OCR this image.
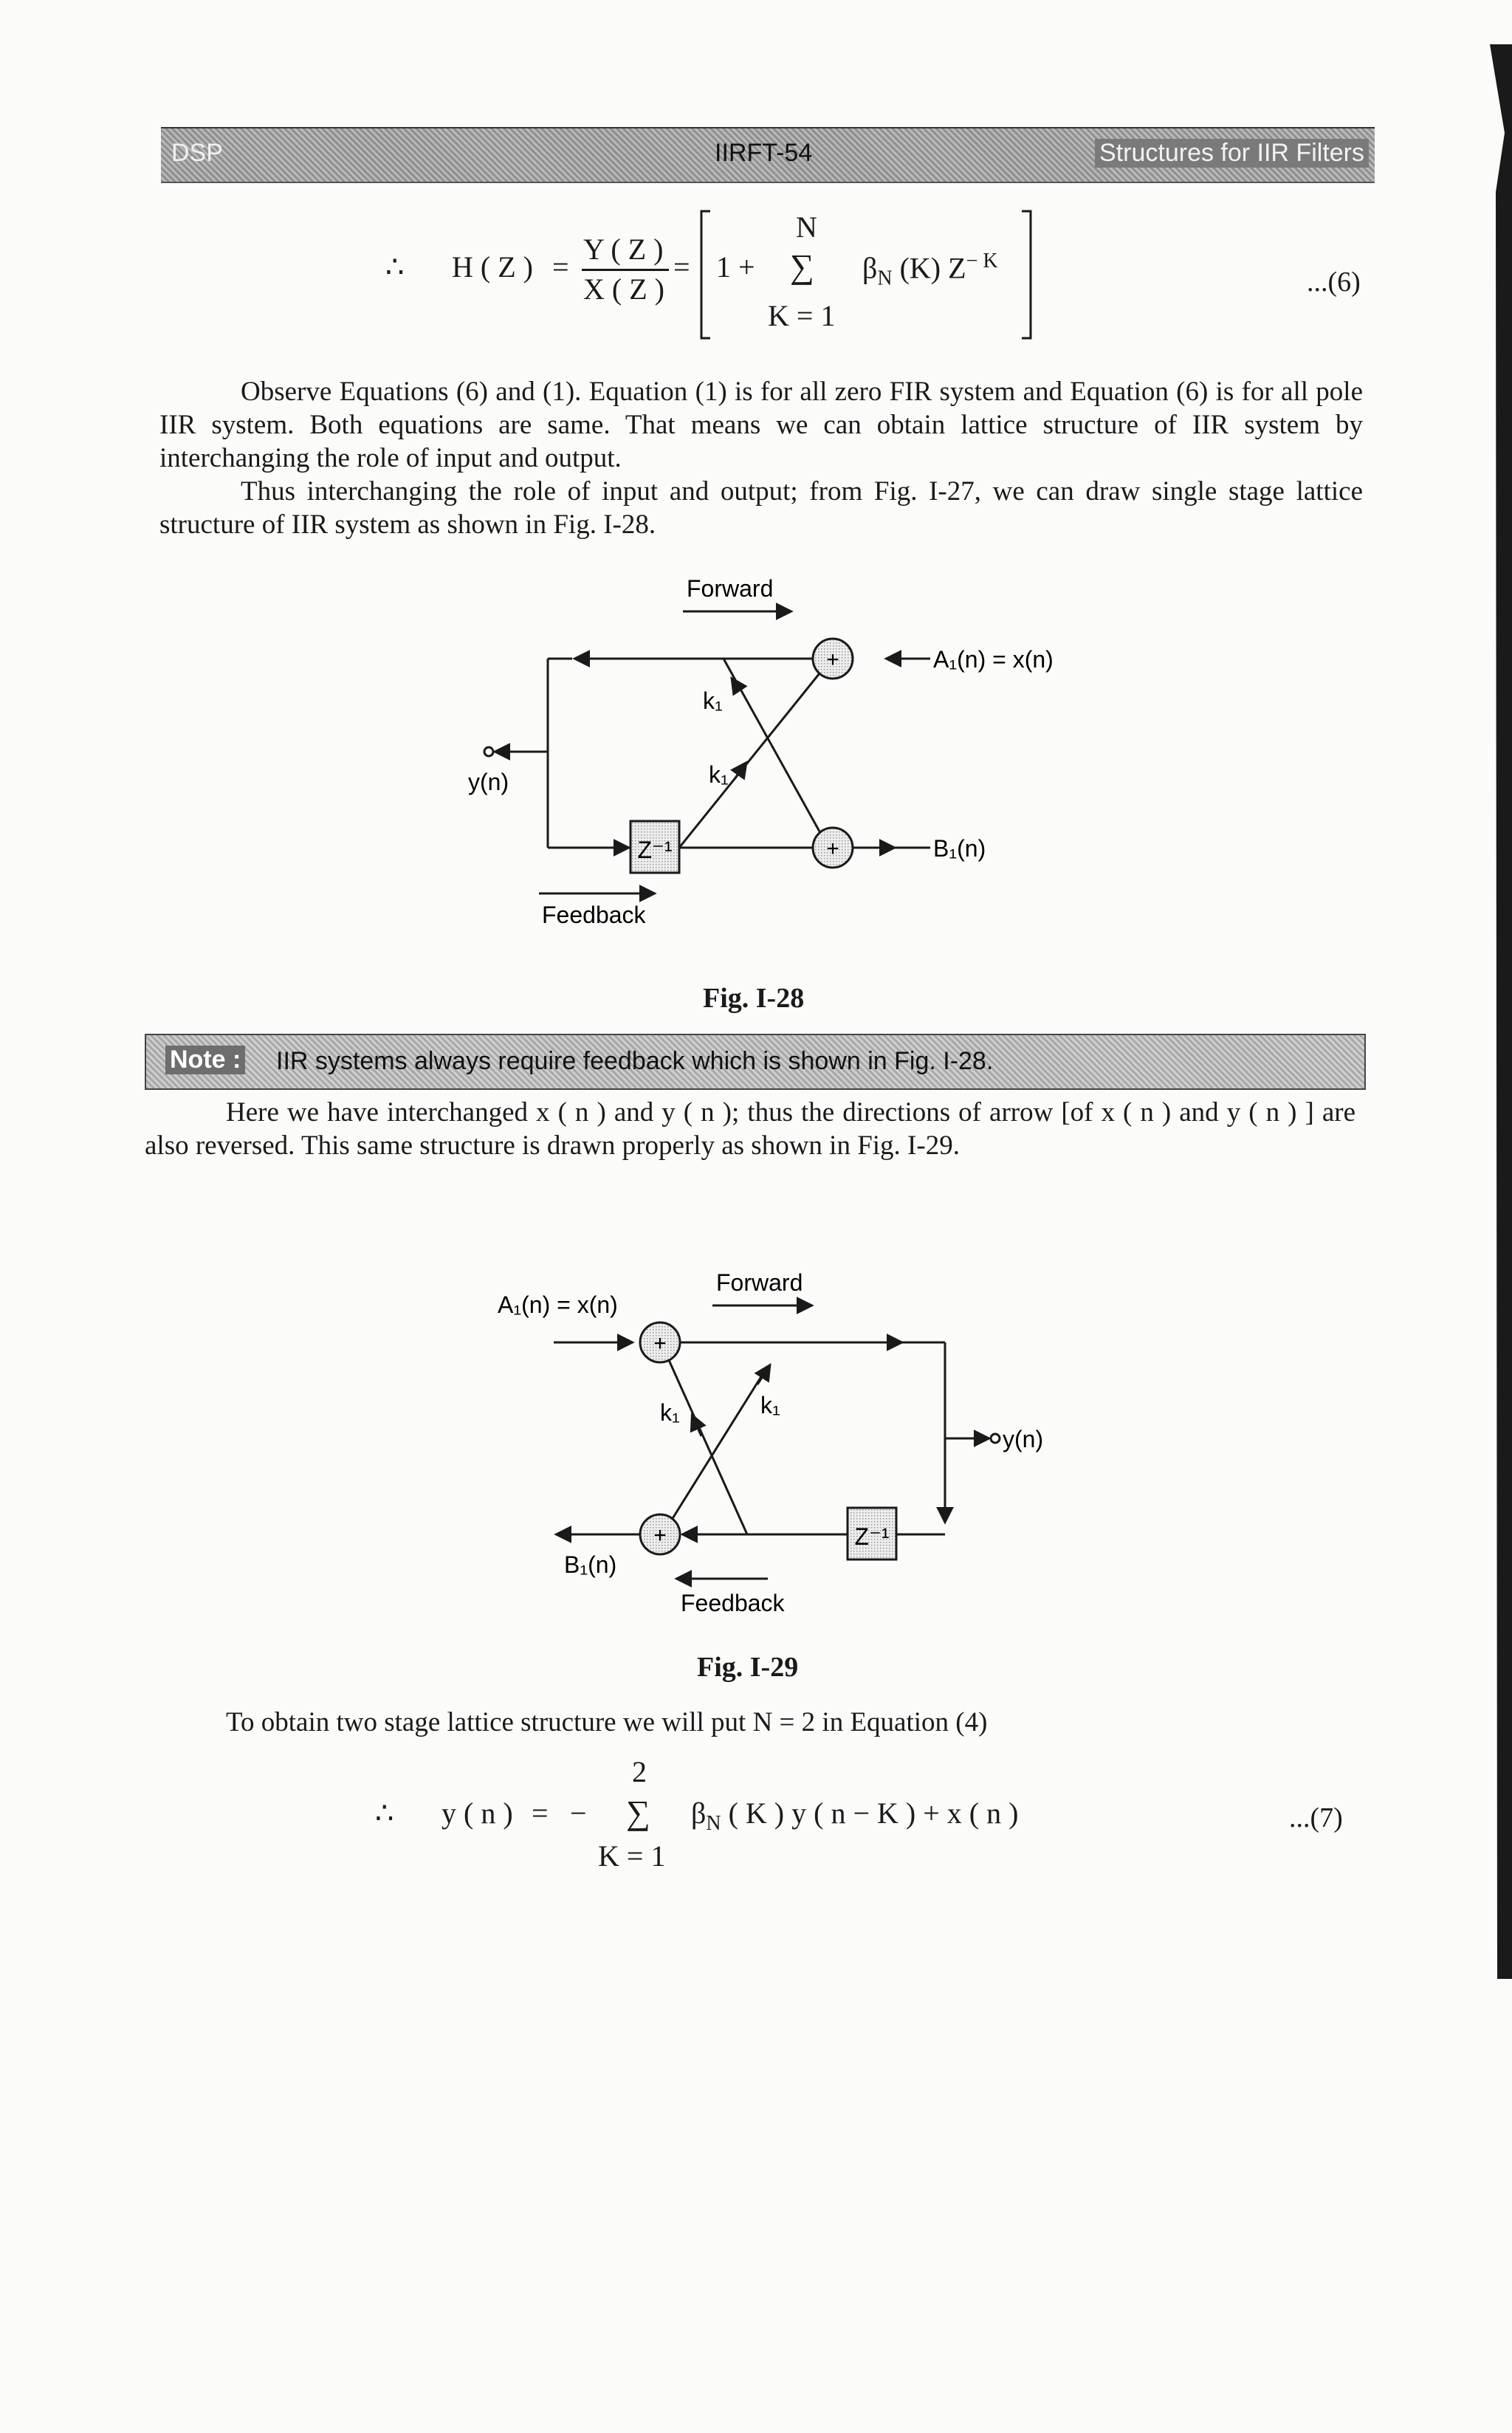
DSP	IIRFT-54	Structures for IIR Filters
∴ H ( Z ) =
Y ( Z )
X ( Z )
= 1 +
N
∑
K = 1
$\beta_N$ (K) $Z^{- K}$
...(6)

Observe Equations (6) and (1). Equation (1) is for all zero FIR system and Equation (6) is for all pole IIR system. Both equations are same. That means we can obtain lattice structure of IIR system by interchanging the role of input and output.

Thus interchanging the role of input and output; from Fig. I-27, we can draw single stage lattice structure of IIR system as shown in Fig. I-28.

Forward
A₁(n) = x(n)
+
y(n)
Z⁻¹	+	B₁(n)
k₁
k₁
Feedback
Fig. I-28
Note : IIR systems always require feedback which is shown in Fig. I-28.

Here we have interchanged x ( n ) and y ( n ); thus the directions of arrow [of x ( n ) and y ( n ) ] are also reversed. This same structure is drawn properly as shown in Fig. I-29.

Forward
A₁(n) = x(n)
+
y(n)
Z⁻¹
+
B₁(n)
k₁	k₁
Feedback
Fig. I-29

To obtain two stage lattice structure we will put N = 2 in Equation (4)

∴ y ( n ) = −
2
∑
K = 1
$\beta_N$ ( K ) y ( n − K ) + x ( n )	...(7)
